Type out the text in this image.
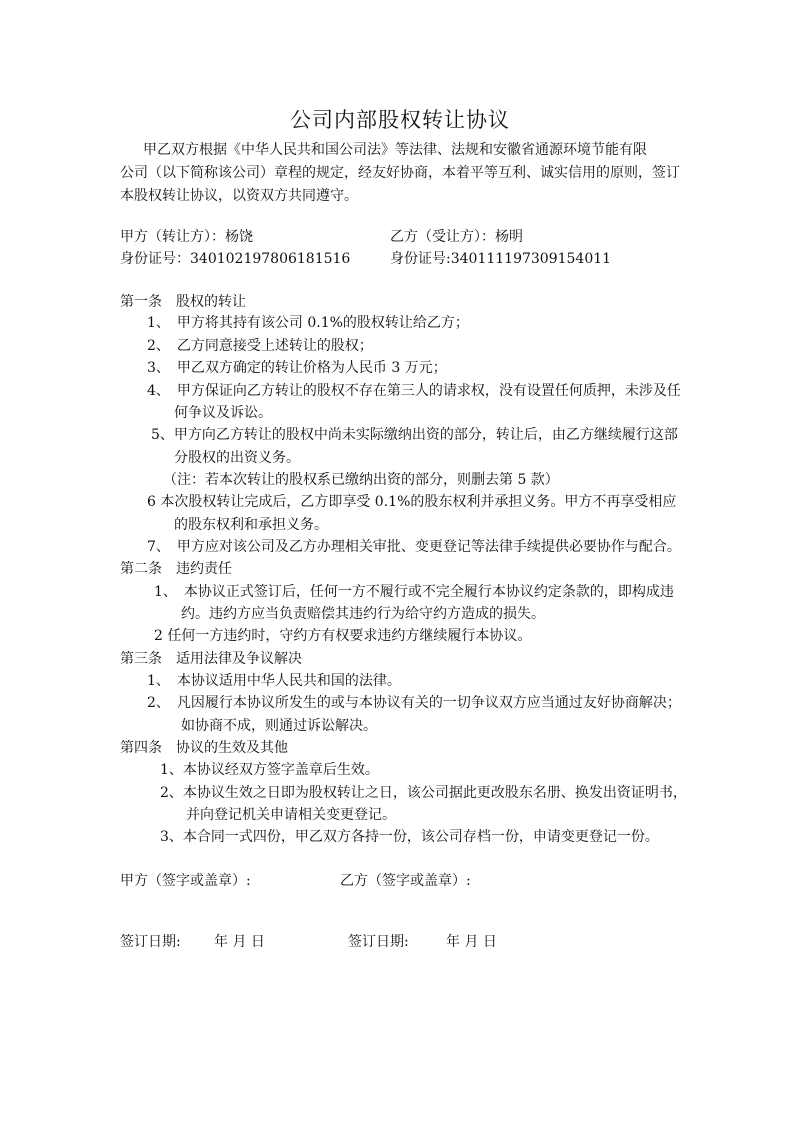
公司内部股权转让协议
甲乙双方根据《中华人民共和国公司法》等法律、法规和安徽省通源环境节能有限
公司（以下简称该公司）章程的规定，经友好协商，本着平等互利、诚实信用的原则，签订
本股权转让协议，以资双方共同遵守。
甲方（转让方）：杨饶	乙方（受让方）：杨明
身份证号：340102197806181516	身份证号:340111197309154011
第一条　股权的转让
1、　甲方将其持有该公司 0.1%的股权转让给乙方；
2、　乙方同意接受上述转让的股权；
3、　甲乙双方确定的转让价格为人民币 3 万元；
4、　甲方保证向乙方转让的股权不存在第三人的请求权，没有设置任何质押，未涉及任
何争议及诉讼。
5、甲方向乙方转让的股权中尚未实际缴纳出资的部分，转让后，由乙方继续履行这部
分股权的出资义务。
（注：若本次转让的股权系已缴纳出资的部分，则删去第 5 款）
6 本次股权转让完成后，乙方即享受 0.1%的股东权利并承担义务。甲方不再享受相应
的股东权利和承担义务。
7、　甲方应对该公司及乙方办理相关审批、变更登记等法律手续提供必要协作与配合。
第二条　违约责任
1、　本协议正式签订后，任何一方不履行或不完全履行本协议约定条款的，即构成违
约。违约方应当负责赔偿其违约行为给守约方造成的损失。
2 任何一方违约时，守约方有权要求违约方继续履行本协议。
第三条　适用法律及争议解决
1、　本协议适用中华人民共和国的法律。
2、　凡因履行本协议所发生的或与本协议有关的一切争议双方应当通过友好协商解决；
如协商不成，则通过诉讼解决。
第四条　协议的生效及其他
1、本协议经双方签字盖章后生效。
2、本协议生效之日即为股权转让之日，该公司据此更改股东名册、换发出资证明书，
并向登记机关申请相关变更登记。
3、本合同一式四份，甲乙双方各持一份，该公司存档一份，申请变更登记一份。
甲方（签字或盖章）:	乙方（签字或盖章）:
签订日期: 年 月 日	签订日期:	年 月 日
